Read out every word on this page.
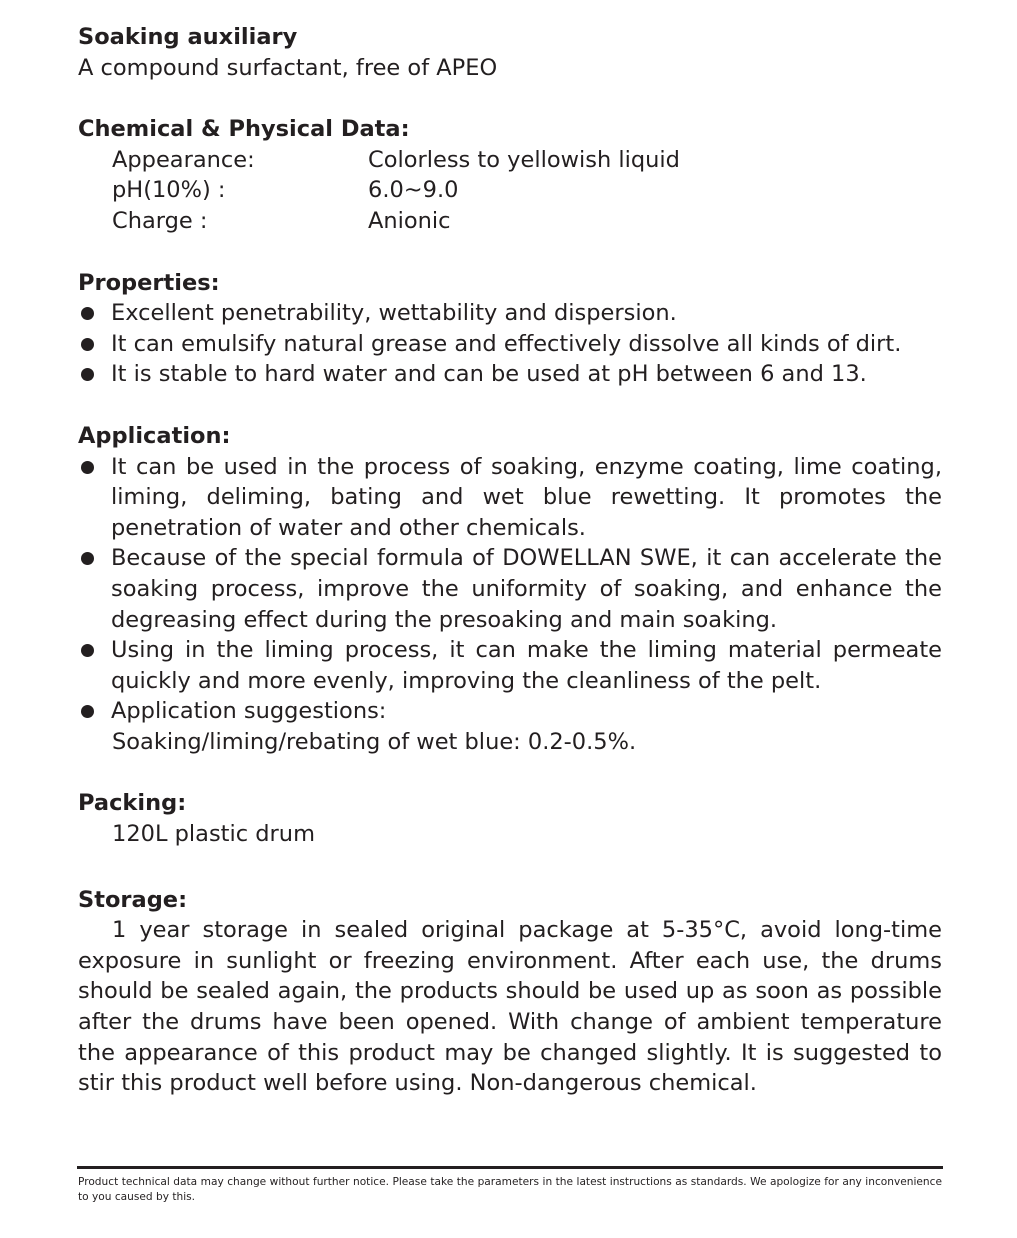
Soaking auxiliary
A compound surfactant, free of APEO
Chemical & Physical Data:
Appearance:	Colorless to yellowish liquid
pH(10%) :	6.0~9.0
Charge :	Anionic
Properties:
Excellent penetrability, wettability and dispersion.
It can emulsify natural grease and effectively dissolve all kinds of dirt.
It is stable to hard water and can be used at pH between 6 and 13.
Application:
It can be used in the process of soaking, enzyme coating, lime coating, liming, deliming, bating and wet blue rewetting. It promotes the penetration of water and other chemicals.
Because of the special formula of DOWELLAN SWE, it can accelerate the soaking process, improve the uniformity of soaking, and enhance the degreasing effect during the presoaking and main soaking.
Using in the liming process, it can make the liming material permeate quickly and more evenly, improving the cleanliness of the pelt.
Application suggestions:
Soaking/liming/rebating of wet blue: 0.2-0.5%.
Packing:
120L plastic drum
Storage:
1 year storage in sealed original package at 5-35°C, avoid long-time exposure in sunlight or freezing environment. After each use, the drums should be sealed again, the products should be used up as soon as possible after the drums have been opened. With change of ambient temperature the appearance of this product may be changed slightly. It is suggested to stir this product well before using. Non-dangerous chemical.
Product technical data may change without further notice. Please take the parameters in the latest instructions as standards. We apologize for any inconvenience to you caused by this.
